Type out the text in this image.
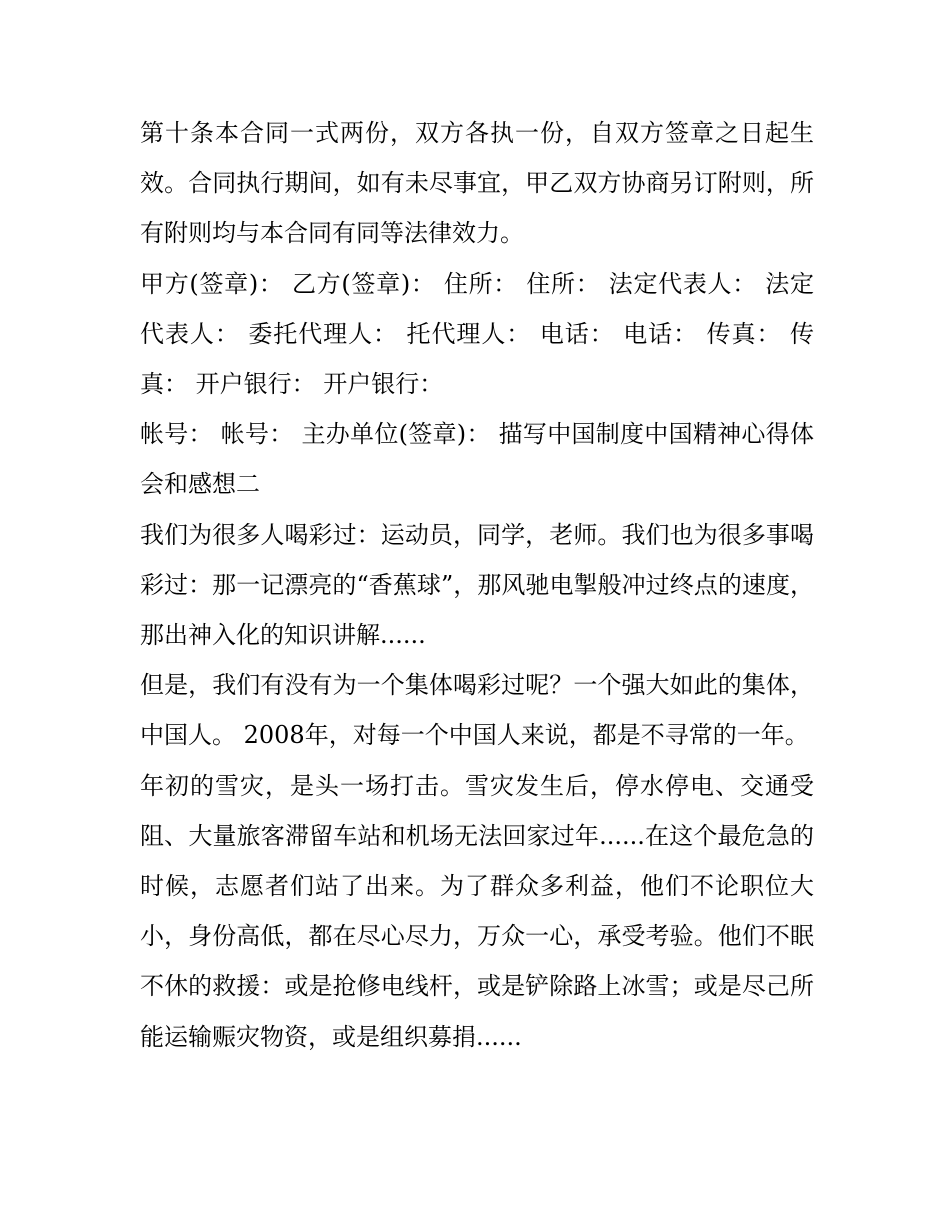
第十条本合同一式两份，双方各执一份，自双方签章之日起生效。合同执行期间，如有未尽事宜，甲乙双方协商另订附则，所有附则均与本合同有同等法律效力。

甲方(签章)： 乙方(签章)： 住所： 住所： 法定代表人： 法定代表人： 委托代理人： 托代理人： 电话： 电话： 传真： 传真： 开户银行： 开户银行：

帐号： 帐号： 主办单位(签章)： 描写中国制度中国精神心得体会和感想二

我们为很多人喝彩过：运动员，同学，老师。我们也为很多事喝彩过：那一记漂亮的“香蕉球”，那风驰电掣般冲过终点的速度，那出神入化的知识讲解......

但是，我们有没有为一个集体喝彩过呢？一个强大如此的集体，中国人。 2008年，对每一个中国人来说，都是不寻常的一年。

年初的雪灾，是头一场打击。雪灾发生后，停水停电、交通受阻、大量旅客滞留车站和机场无法回家过年......在这个最危急的时候，志愿者们站了出来。为了群众多利益，他们不论职位大小，身份高低，都在尽心尽力，万众一心，承受考验。他们不眠不休的救援：或是抢修电线杆，或是铲除路上冰雪；或是尽己所能运输赈灾物资，或是组织募捐......
